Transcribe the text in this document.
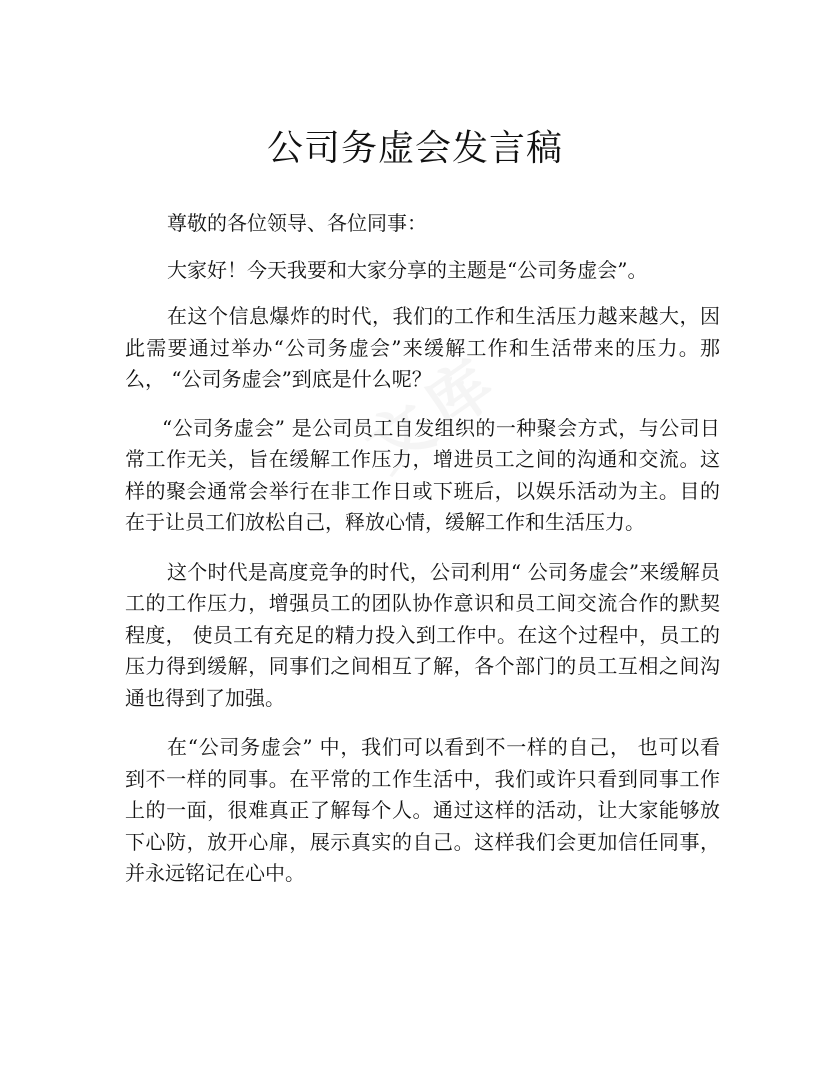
文库
公司务虚会发言稿

尊敬的各位领导、各位同事：

大家好！今天我要和大家分享的主题是“公司务虚会”。

在这个信息爆炸的时代，我们的工作和生活压力越来越大，因此需要通过举办“公司务虚会”来缓解工作和生活带来的压力。那么， “公司务虚会”到底是什么呢？

“公司务虚会” 是公司员工自发组织的一种聚会方式，与公司日常工作无关，旨在缓解工作压力，增进员工之间的沟通和交流。这样的聚会通常会举行在非工作日或下班后，以娱乐活动为主。目的在于让员工们放松自己，释放心情，缓解工作和生活压力。

这个时代是高度竞争的时代，公司利用“ 公司务虚会”来缓解员工的工作压力，增强员工的团队协作意识和员工间交流合作的默契程度， 使员工有充足的精力投入到工作中。在这个过程中，员工的压力得到缓解，同事们之间相互了解，各个部门的员工互相之间沟通也得到了加强。

在“公司务虚会” 中，我们可以看到不一样的自己， 也可以看到不一样的同事。在平常的工作生活中，我们或许只看到同事工作上的一面，很难真正了解每个人。通过这样的活动，让大家能够放下心防，放开心扉，展示真实的自己。这样我们会更加信任同事， 并永远铭记在心中。
